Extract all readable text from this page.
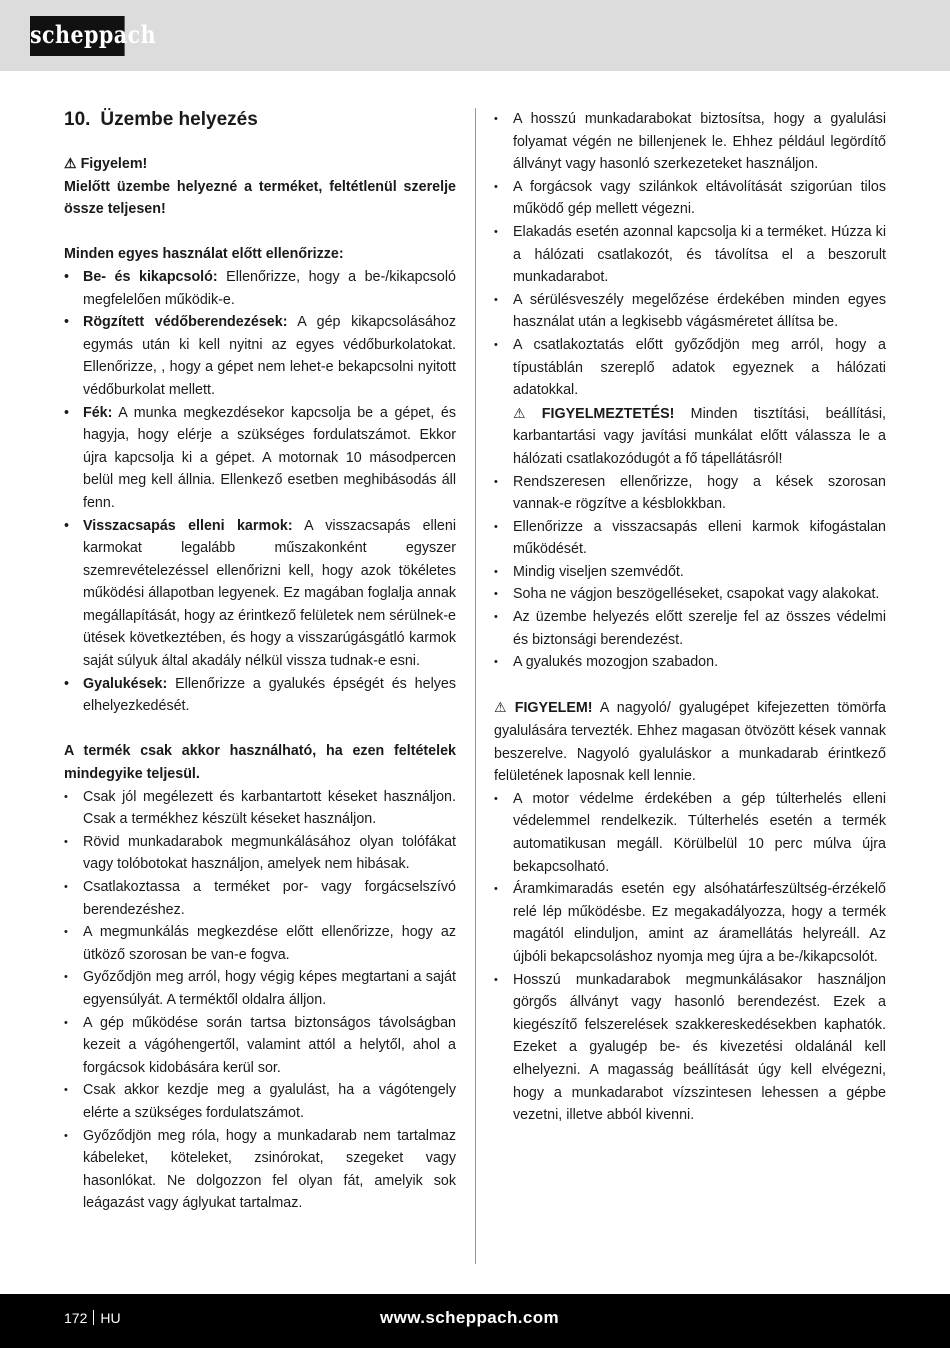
scheppach
10. Üzembe helyezés

⚠ Figyelem!

Mielőtt üzembe helyezné a terméket, feltétlenül szerelje össze teljesen!

Minden egyes használat előtt ellenőrizze:

• Be- és kikapcsoló: Ellenőrizze, hogy a be-/kikapcsoló megfelelően működik-e.
• Rögzített védőberendezések: A gép kikapcsolásához egymás után ki kell nyitni az egyes védőburkolatokat. Ellenőrizze, , hogy a gépet nem lehet-e bekapcsolni nyitott védőburkolat mellett.
• Fék: A munka megkezdésekor kapcsolja be a gépet, és hagyja, hogy elérje a szükséges fordulatszámot. Ekkor újra kapcsolja ki a gépet. A motornak 10 másodpercen belül meg kell állnia. Ellenkező esetben meghibásodás áll fenn.
• Visszacsapás elleni karmok: A visszacsapás elleni karmokat legalább műszakonként egyszer szemrevételezéssel ellenőrizni kell, hogy azok tökéletes működési állapotban legyenek. Ez magában foglalja annak megállapítását, hogy az érintkező felületek nem sérülnek-e ütések következtében, és hogy a visszarúgásgátló karmok saját súlyuk által akadály nélkül vissza tudnak-e esni.
• Gyalukések: Ellenőrizze a gyalukés épségét és helyes elhelyezkedését.

A termék csak akkor használható, ha ezen feltételek mindegyike teljesül.

• Csak jól megélezett és karbantartott késeket használjon. Csak a termékhez készült késeket használjon.
• Rövid munkadarabok megmunkálásához olyan tolófákat vagy tolóbotokat használjon, amelyek nem hibásak.
• Csatlakoztassa a terméket por- vagy forgácselszívó berendezéshez.
• A megmunkálás megkezdése előtt ellenőrizze, hogy az ütköző szorosan be van-e fogva.
• Győződjön meg arról, hogy végig képes megtartani a saját egyensúlyát. A terméktől oldalra álljon.
• A gép működése során tartsa biztonságos távolságban kezeit a vágóhengertől, valamint attól a helytől, ahol a forgácsok kidobására kerül sor.
• Csak akkor kezdje meg a gyalulást, ha a vágótengely elérte a szükséges fordulatszámot.
• Győződjön meg róla, hogy a munkadarab nem tartalmaz kábeleket, köteleket, zsinórokat, szegeket vagy hasonlókat. Ne dolgozzon fel olyan fát, amelyik sok leágazást vagy áglyukat tartalmaz.
• A hosszú munkadarabokat biztosítsa, hogy a gyalulási folyamat végén ne billenjenek le. Ehhez például legördítő állványt vagy hasonló szerkezeteket használjon.
• A forgácsok vagy szilánkok eltávolítását szigorúan tilos működő gép mellett végezni.
• Elakadás esetén azonnal kapcsolja ki a terméket. Húzza ki a hálózati csatlakozót, és távolítsa el a beszorult munkadarabot.
• A sérülésveszély megelőzése érdekében minden egyes használat után a legkisebb vágásméretet állítsa be.
• A csatlakoztatás előtt győződjön meg arról, hogy a típustáblán szereplő adatok egyeznek a hálózati adatokkal.
⚠ FIGYELMEZTETÉS! Minden tisztítási, beállítási, karbantartási vagy javítási munkálat előtt válassza le a hálózati csatlakozódugót a fő tápellátásról!
• Rendszeresen ellenőrizze, hogy a kések szorosan vannak-e rögzítve a késblokkban.
• Ellenőrizze a visszacsapás elleni karmok kifogástalan működését.
• Mindig viseljen szemvédőt.
• Soha ne vágjon beszögelléseket, csapokat vagy alakokat.
• Az üzembe helyezés előtt szerelje fel az összes védelmi és biztonsági berendezést.
• A gyalukés mozogjon szabadon.

⚠ FIGYELEM! A nagyoló/ gyalugépet kifejezetten tömörfa gyalulására tervezték. Ehhez magasan ötvözött kések vannak beszerelve. Nagyoló gyaluláskor a munkadarab érintkező felületének laposnak kell lennie.

• A motor védelme érdekében a gép túlterhelés elleni védelemmel rendelkezik. Túlterhelés esetén a termék automatikusan megáll. Körülbelül 10 perc múlva újra bekapcsolható.
• Áramkimaradás esetén egy alsóhatárfeszültség-érzékelő relé lép működésbe. Ez megakadályozza, hogy a termék magától elinduljon, amint az áramellátás helyreáll. Az újbóli bekapcsoláshoz nyomja meg újra a be-/kikapcsolót.
• Hosszú munkadarabok megmunkálásakor használjon görgős állványt vagy hasonló berendezést. Ezek a kiegészítő felszerelések szakkereskedésekben kaphatók. Ezeket a gyalugép be- és kivezetési oldalánál kell elhelyezni. A magasság beállítását úgy kell elvégezni, hogy a munkadarabot vízszintesen lehessen a gépbe vezetni, illetve abból kivenni.
172 HU	www.scheppach.com
